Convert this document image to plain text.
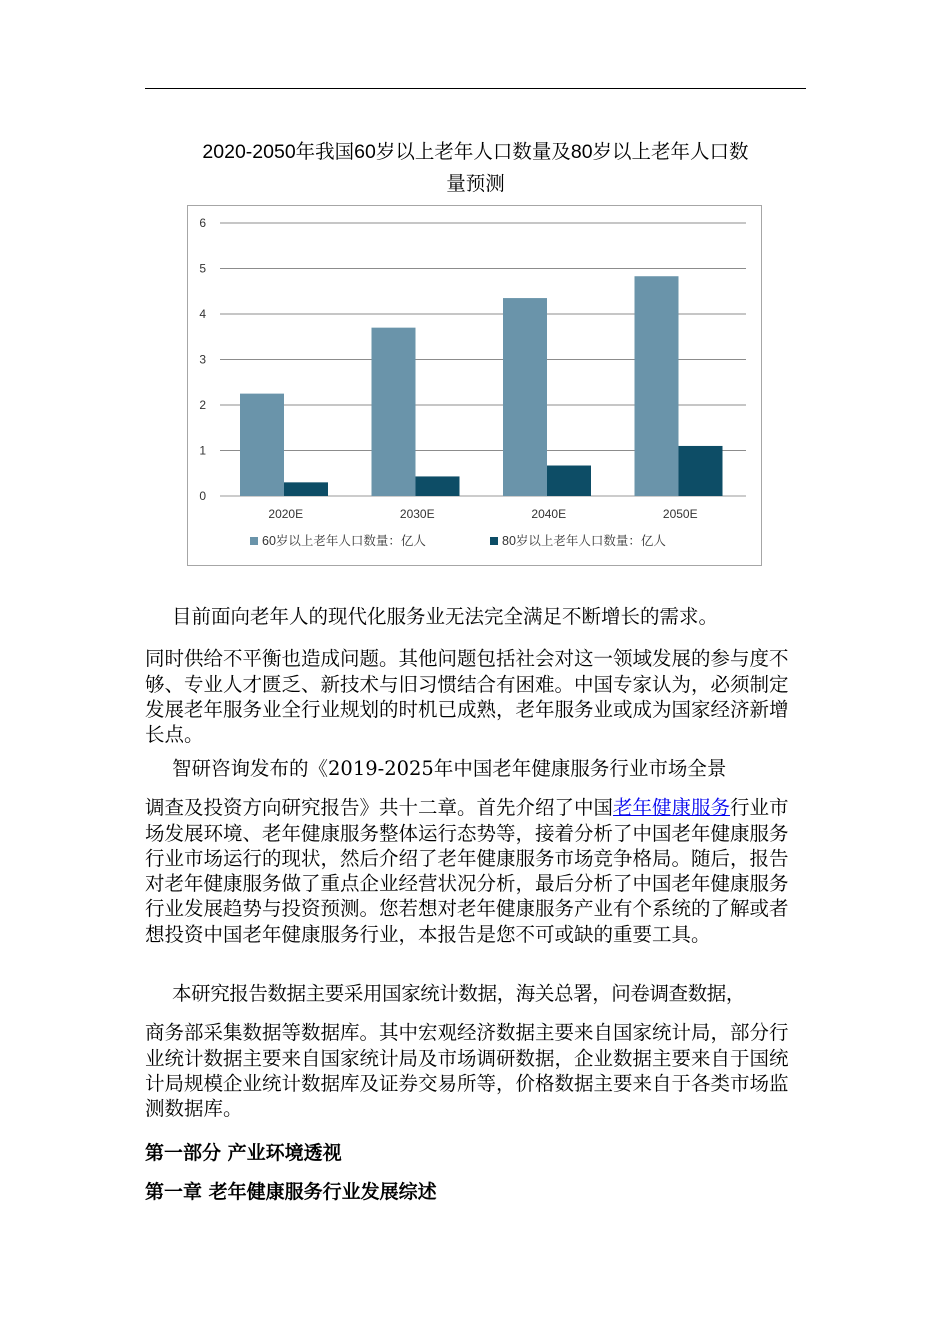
2020-2050年我国60岁以上老年人口数量及80岁以上老年人口数
量预测
0
1
2
3
4
5
6
2020E	2030E	2040E	2050E
60岁以上老年人口数量：亿人	80岁以上老年人口数量：亿人

目前面向老年人的现代化服务业无法完全满足不断增长的需求。
同时供给不平衡也造成问题。其他问题包括社会对这一领域发展的参与度不够、专业人才匮乏、新技术与旧习惯结合有困难。中国专家认为，必须制定发展老年服务业全行业规划的时机已成熟，老年服务业或成为国家经济新增长点。

智研咨询发布的《2019-2025年中国老年健康服务行业市场全景
调查及投资方向研究报告》共十二章。首先介绍了中国老年健康服务行业市场发展环境、老年健康服务整体运行态势等，接着分析了中国老年健康服务行业市场运行的现状，然后介绍了老年健康服务市场竞争格局。随后，报告对老年健康服务做了重点企业经营状况分析，最后分析了中国老年健康服务行业发展趋势与投资预测。您若想对老年健康服务产业有个系统的了解或者想投资中国老年健康服务行业，本报告是您不可或缺的重要工具。

本研究报告数据主要采用国家统计数据，海关总署，问卷调查数据，
商务部采集数据等数据库。其中宏观经济数据主要来自国家统计局，部分行业统计数据主要来自国家统计局及市场调研数据，企业数据主要来自于国统计局规模企业统计数据库及证券交易所等，价格数据主要来自于各类市场监测数据库。

第一部分 产业环境透视
第一章 老年健康服务行业发展综述
